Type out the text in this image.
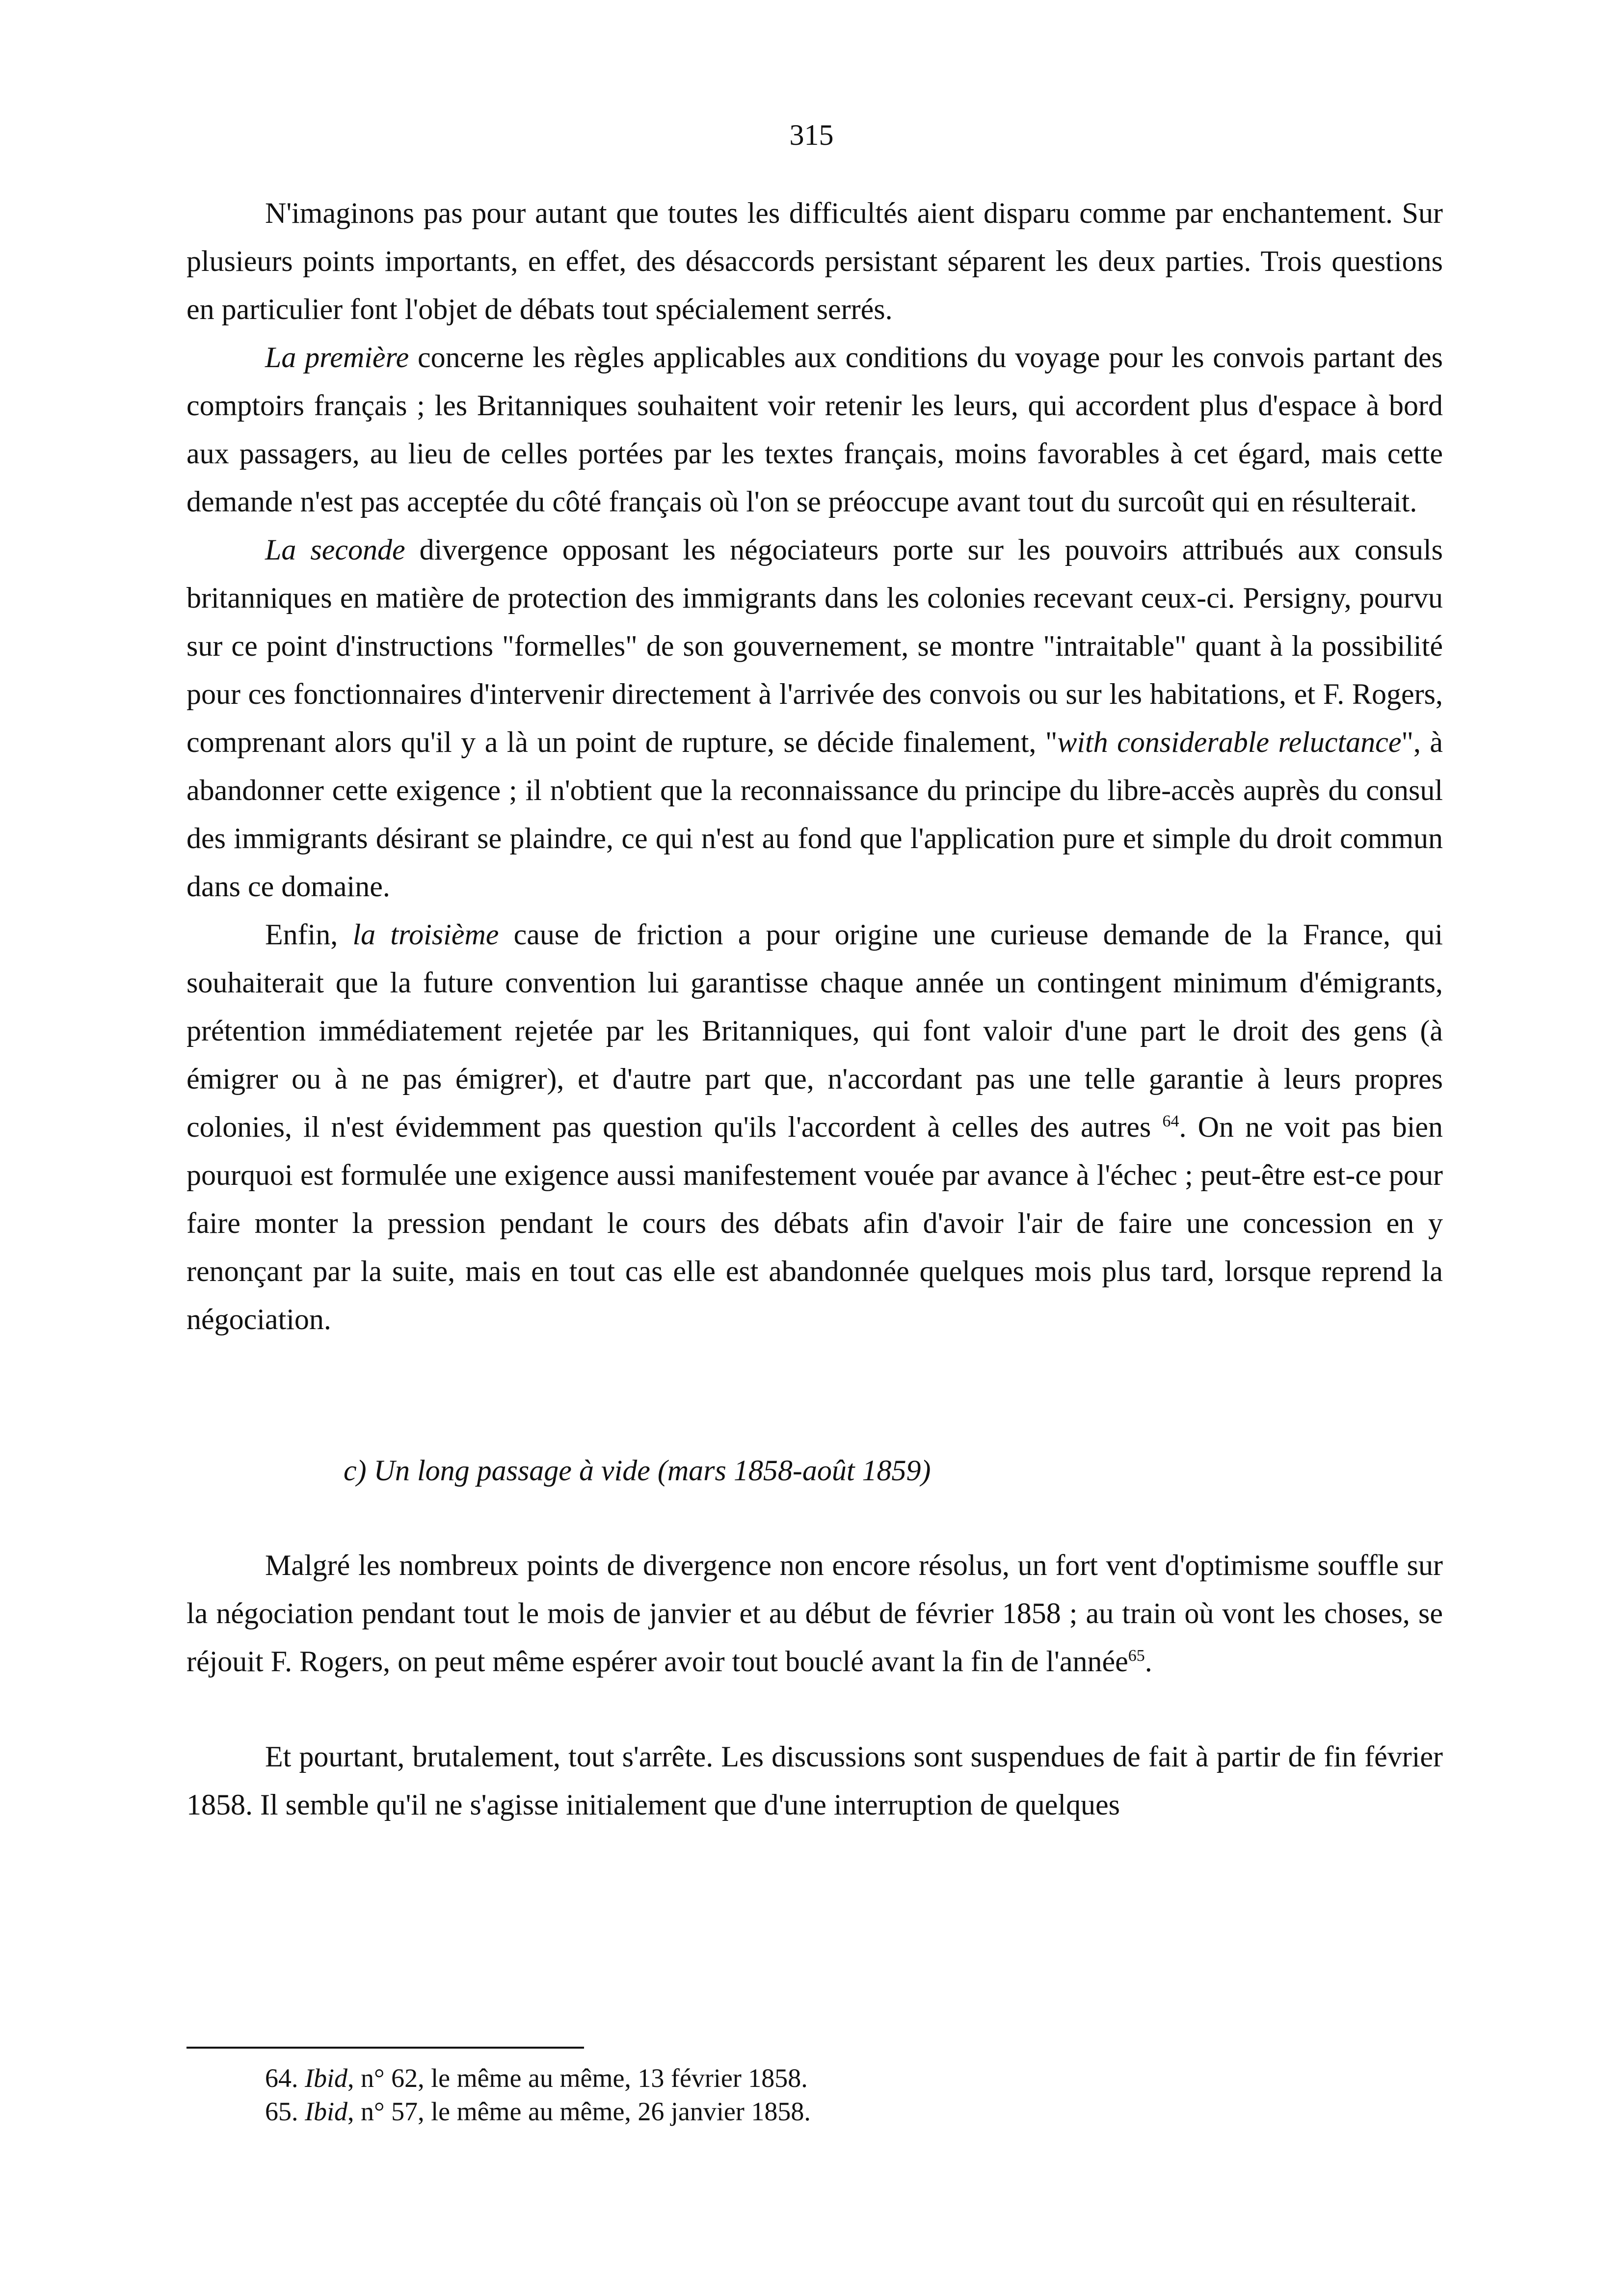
315

N'imaginons pas pour autant que toutes les difficultés aient disparu comme par enchantement. Sur plusieurs points importants, en effet, des désaccords persistant séparent les deux parties. Trois questions en particulier font l'objet de débats tout spécialement serrés.

La première concerne les règles applicables aux conditions du voyage pour les convois partant des comptoirs français ; les Britanniques souhaitent voir retenir les leurs, qui accordent plus d'espace à bord aux passagers, au lieu de celles portées par les textes français, moins favorables à cet égard, mais cette demande n'est pas acceptée du côté français où l'on se préoccupe avant tout du surcoût qui en résulterait.

La seconde divergence opposant les négociateurs porte sur les pouvoirs attribués aux consuls britanniques en matière de protection des immigrants dans les colonies recevant ceux-ci. Persigny, pourvu sur ce point d'instructions "formelles" de son gouvernement, se montre "intraitable" quant à la possibilité pour ces fonctionnaires d'intervenir directement à l'arrivée des convois ou sur les habitations, et F. Rogers, comprenant alors qu'il y a là un point de rupture, se décide finalement, "with considerable reluctance", à abandonner cette exigence ; il n'obtient que la reconnaissance du principe du libre-accès auprès du consul des immigrants désirant se plaindre, ce qui n'est au fond que l'application pure et simple du droit commun dans ce domaine.

Enfin, la troisième cause de friction a pour origine une curieuse demande de la France, qui souhaiterait que la future convention lui garantisse chaque année un contingent minimum d'émigrants, prétention immédiatement rejetée par les Britanniques, qui font valoir d'une part le droit des gens (à émigrer ou à ne pas émigrer), et d'autre part que, n'accordant pas une telle garantie à leurs propres colonies, il n'est évidemment pas question qu'ils l'accordent à celles des autres $^{64}$. On ne voit pas bien pourquoi est formulée une exigence aussi manifestement vouée par avance à l'échec ; peut-être est-ce pour faire monter la pression pendant le cours des débats afin d'avoir l'air de faire une concession en y renonçant par la suite, mais en tout cas elle est abandonnée quelques mois plus tard, lorsque reprend la négociation.

c) Un long passage à vide (mars 1858-août 1859)

Malgré les nombreux points de divergence non encore résolus, un fort vent d'optimisme souffle sur la négociation pendant tout le mois de janvier et au début de février 1858 ; au train où vont les choses, se réjouit F. Rogers, on peut même espérer avoir tout bouclé avant la fin de l'année$^{65}$.

Et pourtant, brutalement, tout s'arrête. Les discussions sont suspendues de fait à partir de fin février 1858. Il semble qu'il ne s'agisse initialement que d'une interruption de quelques

64. Ibid, n° 62, le même au même, 13 février 1858.

65. Ibid, n° 57, le même au même, 26 janvier 1858.
